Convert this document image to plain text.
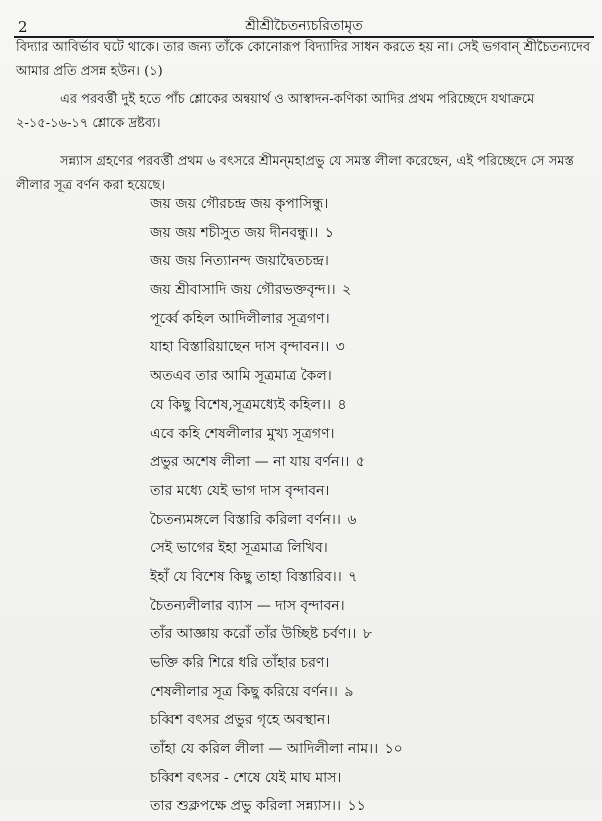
2	শ্রীশ্রীচৈতন্যচরিতামৃত

বিদ্যার আবির্ভাব ঘটে থাকে। তার জন্য তাঁকে কোনোরূপ বিদ্যাদির সাধন করতে হয় না। সেই ভগবান্ শ্রীচৈতন্যদেব আমার প্রতি প্রসন্ন হউন। (১)

এর পরবর্ত্তী দুই হতে পাঁচ শ্লোকের অন্বয়ার্থ ও আস্বাদন-কণিকা আদির প্রথম পরিচ্ছেদে যথাক্রমে ২-১৫-১৬-১৭ শ্লোকে দ্রষ্টব্য।

সন্ন্যাস গ্রহণের পরবর্ত্তী প্রথম ৬ বৎসরে শ্রীমন্‌মহাপ্রভু যে সমস্ত লীলা করেছেন, এই পরিচ্ছেদে সে সমস্ত লীলার সূত্র বর্ণন করা হয়েছে।

জয় জয় গৌরচন্দ্র জয় কৃপাসিন্ধু।
জয় জয় শচীসুত জয় দীনবন্ধু।। ১
জয় জয় নিত্যানন্দ জয়াদ্বৈতচন্দ্র।
জয় শ্রীবাসাদি জয় গৌরভক্তবৃন্দ।। ২
পূর্ব্বে কহিল আদিলীলার সূত্রগণ।
যাহা বিস্তারিয়াছেন দাস বৃন্দাবন।। ৩
অতএব তার আমি সূত্রমাত্র কৈল।
যে কিছু বিশেষ,সূত্রমধ্যেই কহিল।। ৪
এবে কহি শেষলীলার মুখ্য সূত্রগণ।
প্রভুর অশেষ লীলা — না যায় বর্ণন।। ৫
তার মধ্যে যেই ভাগ দাস বৃন্দাবন।
চৈতন্যমঙ্গলে বিস্তারি করিলা বর্ণন।। ৬
সেই ভাগের ইহা সূত্রমাত্র লিখিব।
ইহাঁ যে বিশেষ কিছু তাহা বিস্তারিব।। ৭
চৈতন্যলীলার ব্যাস — দাস বৃন্দাবন।
তাঁর আজ্ঞায় করোঁ তাঁর উচ্ছিষ্ট চর্বণ।। ৮
ভক্তি করি শিরে ধরি তাঁহার চরণ।
শেষলীলার সূত্র কিছু করিয়ে বর্ণন।। ৯
চব্বিশ বৎসর প্রভুর গৃহে অবস্থান।
তাঁহা যে করিল লীলা — আদিলীলা নাম।। ১০
চব্বিশ বৎসর - শেষে যেই মাঘ মাস।
তার শুক্লপক্ষে প্রভু করিলা সন্ন্যাস।। ১১
